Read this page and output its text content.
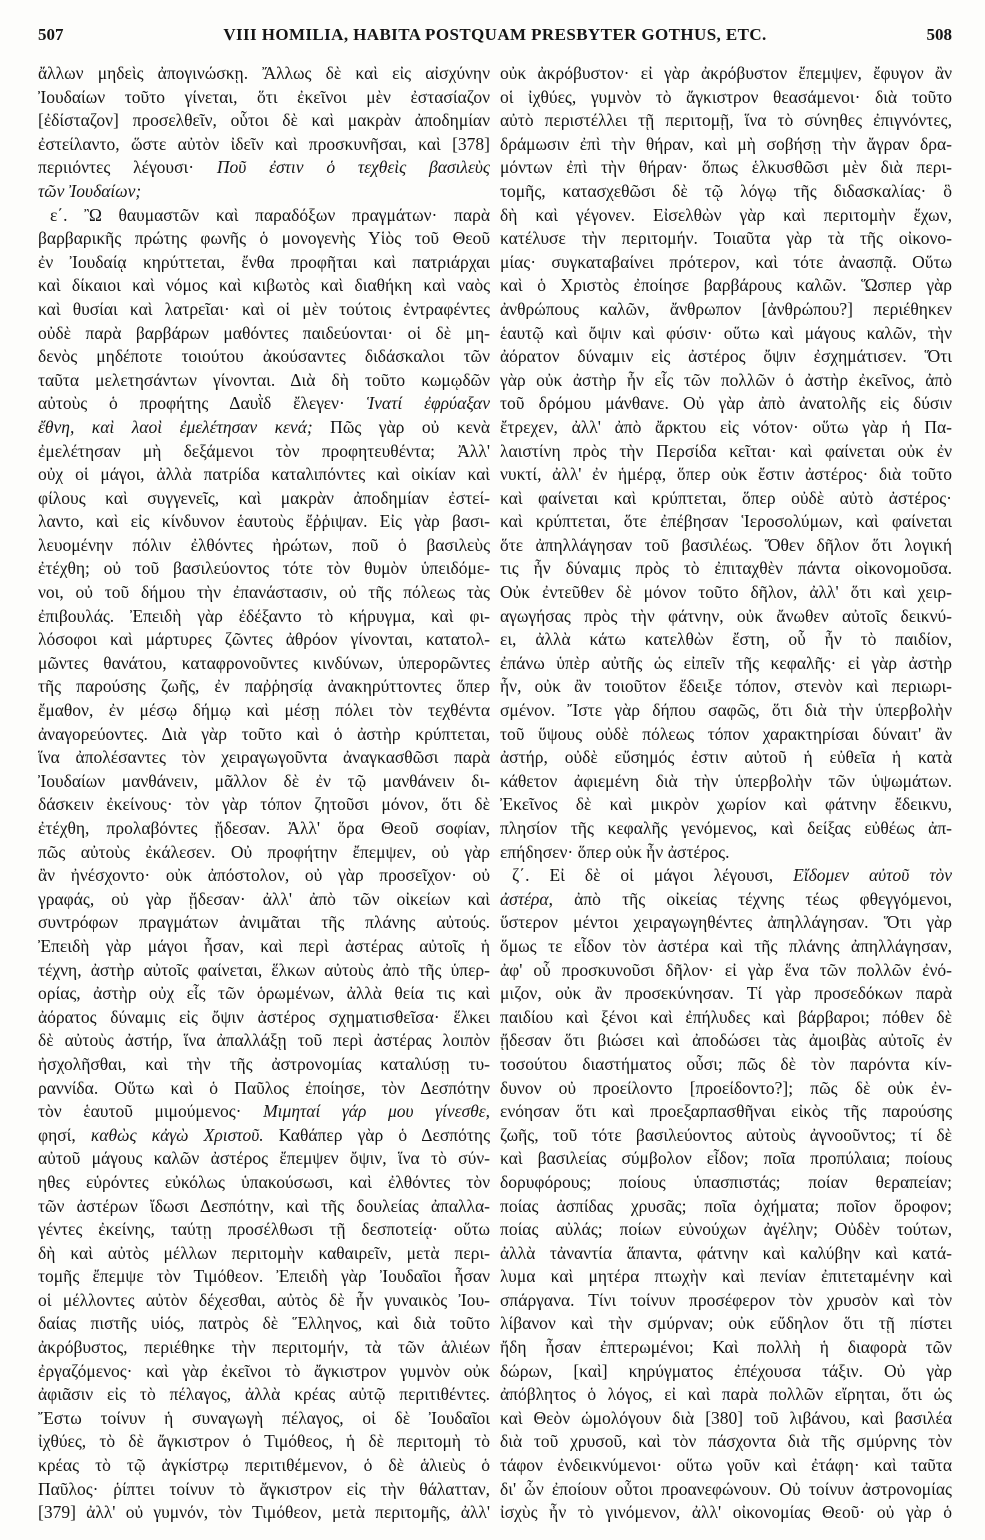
507	VIII HOMILIA, HABITA POSTQUAM PRESBYTER GOTHUS, ETC.	508
ἄλλων μηδεὶς ἀπογινώσκῃ. Ἄλλως δὲ καὶ εἰς αἰσχύνην
Ἰουδαίων τοῦτο γίνεται, ὅτι ἐκεῖνοι μὲν ἐστασίαζον
[ἐδίσταζον] προσελθεῖν, οὗτοι δὲ καὶ μακρὰν ἀποδημίαν
ἐστείλαντο, ὥστε αὐτὸν ἰδεῖν καὶ προσκυνῆσαι, καὶ [378]
περιιόντες λέγουσι· Ποῦ ἐστιν ὁ τεχθεὶς βασιλεὺς
τῶν Ἰουδαίων;
ε΄. Ὢ θαυμαστῶν καὶ παραδόξων πραγμάτων· παρὰ
βαρβαρικῆς πρώτης φωνῆς ὁ μονογενὴς Υἱὸς τοῦ Θεοῦ
ἐν Ἰουδαίᾳ κηρύττεται, ἔνθα προφῆται καὶ πατριάρχαι
καὶ δίκαιοι καὶ νόμος καὶ κιβωτὸς καὶ διαθήκη καὶ ναὸς
καὶ θυσίαι καὶ λατρεῖαι· καὶ οἱ μὲν τούτοις ἐντραφέντες
οὐδὲ παρὰ βαρβάρων μαθόντες παιδεύονται· οἱ δὲ μη-
δενὸς μηδέποτε τοιούτου ἀκούσαντες διδάσκαλοι τῶν
ταῦτα μελετησάντων γίνονται. Διὰ δὴ τοῦτο κωμῳδῶν
αὐτοὺς ὁ προφήτης Δαυῒδ ἔλεγεν· Ἱνατί ἐφρύαξαν
ἔθνη, καὶ λαοὶ ἐμελέτησαν κενά; Πῶς γὰρ οὐ κενὰ
ἐμελέτησαν μὴ δεξάμενοι τὸν προφητευθέντα; Ἀλλ'
οὐχ οἱ μάγοι, ἀλλὰ πατρίδα καταλιπόντες καὶ οἰκίαν καὶ
φίλους καὶ συγγενεῖς, καὶ μακρὰν ἀποδημίαν ἐστεί-
λαντο, καὶ εἰς κίνδυνον ἑαυτοὺς ἔῤῥιψαν. Εἰς γὰρ βασι-
λευομένην πόλιν ἐλθόντες ἠρώτων, ποῦ ὁ βασιλεὺς
ἐτέχθη; οὐ τοῦ βασιλεύοντος τότε τὸν θυμὸν ὑπειδόμε-
νοι, οὐ τοῦ δήμου τὴν ἐπανάστασιν, οὐ τῆς πόλεως τὰς
ἐπιβουλάς. Ἐπειδὴ γὰρ ἐδέξαντο τὸ κήρυγμα, καὶ φι-
λόσοφοι καὶ μάρτυρες ζῶντες ἀθρόον γίνονται, κατατολ-
μῶντες θανάτου, καταφρονοῦντες κινδύνων, ὑπερορῶντες
τῆς παρούσης ζωῆς, ἐν παῤῥησίᾳ ἀνακηρύττοντες ὅπερ
ἔμαθον, ἐν μέσῳ δήμῳ καὶ μέσῃ πόλει τὸν τεχθέντα
ἀναγορεύοντες. Διὰ γὰρ τοῦτο καὶ ὁ ἀστὴρ κρύπτεται,
ἵνα ἀπολέσαντες τὸν χειραγωγοῦντα ἀναγκασθῶσι παρὰ
Ἰουδαίων μανθάνειν, μᾶλλον δὲ ἐν τῷ μανθάνειν δι-
δάσκειν ἐκείνους· τὸν γὰρ τόπον ζητοῦσι μόνον, ὅτι δὲ
ἐτέχθη, προλαβόντες ᾔδεσαν. Ἀλλ' ὅρα Θεοῦ σοφίαν,
πῶς αὐτοὺς ἐκάλεσεν. Οὐ προφήτην ἔπεμψεν, οὐ γὰρ
ἂν ἠνέσχοντο· οὐκ ἀπόστολον, οὐ γὰρ προσεῖχον· οὐ
γραφάς, οὐ γὰρ ᾔδεσαν· ἀλλ' ἀπὸ τῶν οἰκείων καὶ
συντρόφων πραγμάτων ἀνιμᾶται τῆς πλάνης αὐτούς.
Ἐπειδὴ γὰρ μάγοι ἦσαν, καὶ περὶ ἀστέρας αὐτοῖς ἡ
τέχνη, ἀστὴρ αὐτοῖς φαίνεται, ἕλκων αὐτοὺς ἀπὸ τῆς ὑπερ-
ορίας, ἀστὴρ οὐχ εἷς τῶν ὁρωμένων, ἀλλὰ θεία τις καὶ
ἀόρατος δύναμις εἰς ὄψιν ἀστέρος σχηματισθεῖσα· ἕλκει
δὲ αὐτοὺς ἀστήρ, ἵνα ἀπαλλάξῃ τοῦ περὶ ἀστέρας λοιπὸν
ἠσχολῆσθαι, καὶ τὴν τῆς ἀστρονομίας καταλύσῃ τυ-
ραννίδα. Οὕτω καὶ ὁ Παῦλος ἐποίησε, τὸν Δεσπότην
τὸν ἑαυτοῦ μιμούμενος· Μιμηταί γάρ μου γίνεσθε,
φησί, καθὼς κἀγὼ Χριστοῦ. Καθάπερ γὰρ ὁ Δεσπότης
αὐτοῦ μάγους καλῶν ἀστέρος ἔπεμψεν ὄψιν, ἵνα τὸ σύν-
ηθες εὑρόντες εὐκόλως ὑπακούσωσι, καὶ ἐλθόντες τὸν
τῶν ἀστέρων ἴδωσι Δεσπότην, καὶ τῆς δουλείας ἀπαλλα-
γέντες ἐκείνης, ταύτῃ προσέλθωσι τῇ δεσποτείᾳ· οὕτω
δὴ καὶ αὐτὸς μέλλων περιτομὴν καθαιρεῖν, μετὰ περι-
τομῆς ἔπεμψε τὸν Τιμόθεον. Ἐπειδὴ γὰρ Ἰουδαῖοι ἦσαν
οἱ μέλλοντες αὐτὸν δέχεσθαι, αὐτὸς δὲ ἦν γυναικὸς Ἰου-
δαίας πιστῆς υἱός, πατρὸς δὲ Ἕλληνος, καὶ διὰ τοῦτο
ἀκρόβυστος, περιέθηκε τὴν περιτομήν, τὰ τῶν ἁλιέων
ἐργαζόμενος· καὶ γὰρ ἐκεῖνοι τὸ ἄγκιστρον γυμνὸν οὐκ
ἀφιᾶσιν εἰς τὸ πέλαγος, ἀλλὰ κρέας αὐτῷ περιτιθέντες.
Ἔστω τοίνυν ἡ συναγωγὴ πέλαγος, οἱ δὲ Ἰουδαῖοι
ἰχθύες, τὸ δὲ ἄγκιστρον ὁ Τιμόθεος, ἡ δὲ περιτομὴ τὸ
κρέας τὸ τῷ ἀγκίστρῳ περιτιθέμενον, ὁ δὲ ἁλιεὺς ὁ
Παῦλος· ῥίπτει τοίνυν τὸ ἄγκιστρον εἰς τὴν θάλατταν,
[379] ἀλλ' οὐ γυμνόν, τὸν Τιμόθεον, μετὰ περιτομῆς, ἀλλ'
οὐκ ἀκρόβυστον· εἰ γὰρ ἀκρόβυστον ἔπεμψεν, ἔφυγον ἂν
οἱ ἰχθύες, γυμνὸν τὸ ἄγκιστρον θεασάμενοι· διὰ τοῦτο
αὐτὸ περιστέλλει τῇ περιτομῇ, ἵνα τὸ σύνηθες ἐπιγνόντες,
δράμωσιν ἐπὶ τὴν θήραν, καὶ μὴ σοβήσῃ τὴν ἄγραν δρα-
μόντων ἐπὶ τὴν θήραν· ὅπως ἑλκυσθῶσι μὲν διὰ περι-
τομῆς, κατασχεθῶσι δὲ τῷ λόγῳ τῆς διδασκαλίας· ὃ
δὴ καὶ γέγονεν. Εἰσελθὼν γὰρ καὶ περιτομὴν ἔχων,
κατέλυσε τὴν περιτομήν. Τοιαῦτα γὰρ τὰ τῆς οἰκονο-
μίας· συγκαταβαίνει πρότερον, καὶ τότε ἀνασπᾷ. Οὕτω
καὶ ὁ Χριστὸς ἐποίησε βαρβάρους καλῶν. Ὥσπερ γὰρ
ἀνθρώπους καλῶν, ἄνθρωπον [ἀνθρώπου?] περιέθηκεν
ἑαυτῷ καὶ ὄψιν καὶ φύσιν· οὕτω καὶ μάγους καλῶν, τὴν
ἀόρατον δύναμιν εἰς ἀστέρος ὄψιν ἐσχημάτισεν. Ὅτι
γὰρ οὐκ ἀστὴρ ἦν εἷς τῶν πολλῶν ὁ ἀστὴρ ἐκεῖνος, ἀπὸ
τοῦ δρόμου μάνθανε. Οὐ γὰρ ἀπὸ ἀνατολῆς εἰς δύσιν
ἔτρεχεν, ἀλλ' ἀπὸ ἄρκτου εἰς νότον· οὕτω γὰρ ἡ Πα-
λαιστίνη πρὸς τὴν Περσίδα κεῖται· καὶ φαίνεται οὐκ ἐν
νυκτί, ἀλλ' ἐν ἡμέρᾳ, ὅπερ οὐκ ἔστιν ἀστέρος· διὰ τοῦτο
καὶ φαίνεται καὶ κρύπτεται, ὅπερ οὐδὲ αὐτὸ ἀστέρος·
καὶ κρύπτεται, ὅτε ἐπέβησαν Ἱεροσολύμων, καὶ φαίνεται
ὅτε ἀπηλλάγησαν τοῦ βασιλέως. Ὅθεν δῆλον ὅτι λογική
τις ἦν δύναμις πρὸς τὸ ἐπιταχθὲν πάντα οἰκονομοῦσα.
Οὐκ ἐντεῦθεν δὲ μόνον τοῦτο δῆλον, ἀλλ' ὅτι καὶ χειρ-
αγωγήσας πρὸς τὴν φάτνην, οὐκ ἄνωθεν αὐτοῖς δεικνύ-
ει, ἀλλὰ κάτω κατελθὼν ἔστη, οὗ ἦν τὸ παιδίον,
ἐπάνω ὑπὲρ αὐτῆς ὡς εἰπεῖν τῆς κεφαλῆς· εἰ γὰρ ἀστὴρ
ἦν, οὐκ ἂν τοιοῦτον ἔδειξε τόπον, στενὸν καὶ περιωρι-
σμένον. Ἴστε γὰρ δήπου σαφῶς, ὅτι διὰ τὴν ὑπερβολὴν
τοῦ ὕψους οὐδὲ πόλεως τόπον χαρακτηρίσαι δύναιτ' ἂν
ἀστήρ, οὐδὲ εὔσημός ἐστιν αὐτοῦ ἡ εὐθεῖα ἡ κατὰ
κάθετον ἀφιεμένη διὰ τὴν ὑπερβολὴν τῶν ὑψωμάτων.
Ἐκεῖνος δὲ καὶ μικρὸν χωρίον καὶ φάτνην ἔδεικνυ,
πλησίον τῆς κεφαλῆς γενόμενος, καὶ δείξας εὐθέως ἀπ-
επήδησεν· ὅπερ οὐκ ἦν ἀστέρος.
ζ΄. Εἰ δὲ οἱ μάγοι λέγουσι, Εἴδομεν αὐτοῦ τὸν
ἀστέρα, ἀπὸ τῆς οἰκείας τέχνης τέως φθεγγόμενοι,
ὕστερον μέντοι χειραγωγηθέντες ἀπηλλάγησαν. Ὅτι γὰρ
ὅμως τε εἶδον τὸν ἀστέρα καὶ τῆς πλάνης ἀπηλλάγησαν,
ἀφ' οὗ προσκυνοῦσι δῆλον· εἰ γὰρ ἕνα τῶν πολλῶν ἐνό-
μιζον, οὐκ ἂν προσεκύνησαν. Τί γὰρ προσεδόκων παρὰ
παιδίου καὶ ξένοι καὶ ἐπήλυδες καὶ βάρβαροι; πόθεν δὲ
ᾔδεσαν ὅτι βιώσει καὶ ἀποδώσει τὰς ἀμοιβὰς αὐτοῖς ἐν
τοσούτου διαστήματος οὖσι; πῶς δὲ τὸν παρόντα κίν-
δυνον οὐ προείλοντο [προείδοντο?]; πῶς δὲ οὐκ ἐν-
ενόησαν ὅτι καὶ προεξαρπασθῆναι εἰκὸς τῆς παρούσης
ζωῆς, τοῦ τότε βασιλεύοντος αὐτοὺς ἀγνοοῦντος; τί δὲ
καὶ βασιλείας σύμβολον εἶδον; ποῖα προπύλαια; ποίους
δορυφόρους; ποίους ὑπασπιστάς; ποίαν θεραπείαν;
ποίας ἀσπίδας χρυσᾶς; ποῖα ὀχήματα; ποῖον ὄροφον;
ποίας αὐλάς; ποίων εὐνούχων ἀγέλην; Οὐδὲν τούτων,
ἀλλὰ τἀναντία ἅπαντα, φάτνην καὶ καλύβην καὶ κατά-
λυμα καὶ μητέρα πτωχὴν καὶ πενίαν ἐπιτεταμένην καὶ
σπάργανα. Τίνι τοίνυν προσέφερον τὸν χρυσὸν καὶ τὸν
λίβανον καὶ τὴν σμύρναν; οὐκ εὔδηλον ὅτι τῇ πίστει
ἤδη ἦσαν ἐπτερωμένοι; Καὶ πολλὴ ἡ διαφορὰ τῶν
δώρων, [καὶ] κηρύγματος ἐπέχουσα τάξιν. Οὐ γὰρ
ἀπόβλητος ὁ λόγος, εἰ καὶ παρὰ πολλῶν εἴρηται, ὅτι ὡς
καὶ Θεὸν ὡμολόγουν διὰ [380] τοῦ λιβάνου, καὶ βασιλέα
διὰ τοῦ χρυσοῦ, καὶ τὸν πάσχοντα διὰ τῆς σμύρνης τὸν
τάφον ἐνδεικνύμενοι· οὕτω γοῦν καὶ ἐτάφη· καὶ ταῦτα
δι' ὧν ἐποίουν οὗτοι προανεφώνουν. Οὐ τοίνυν ἀστρονομίας
ἰσχὺς ἦν τὸ γινόμενον, ἀλλ' οἰκονομίας Θεοῦ· οὐ γὰρ ὁ
